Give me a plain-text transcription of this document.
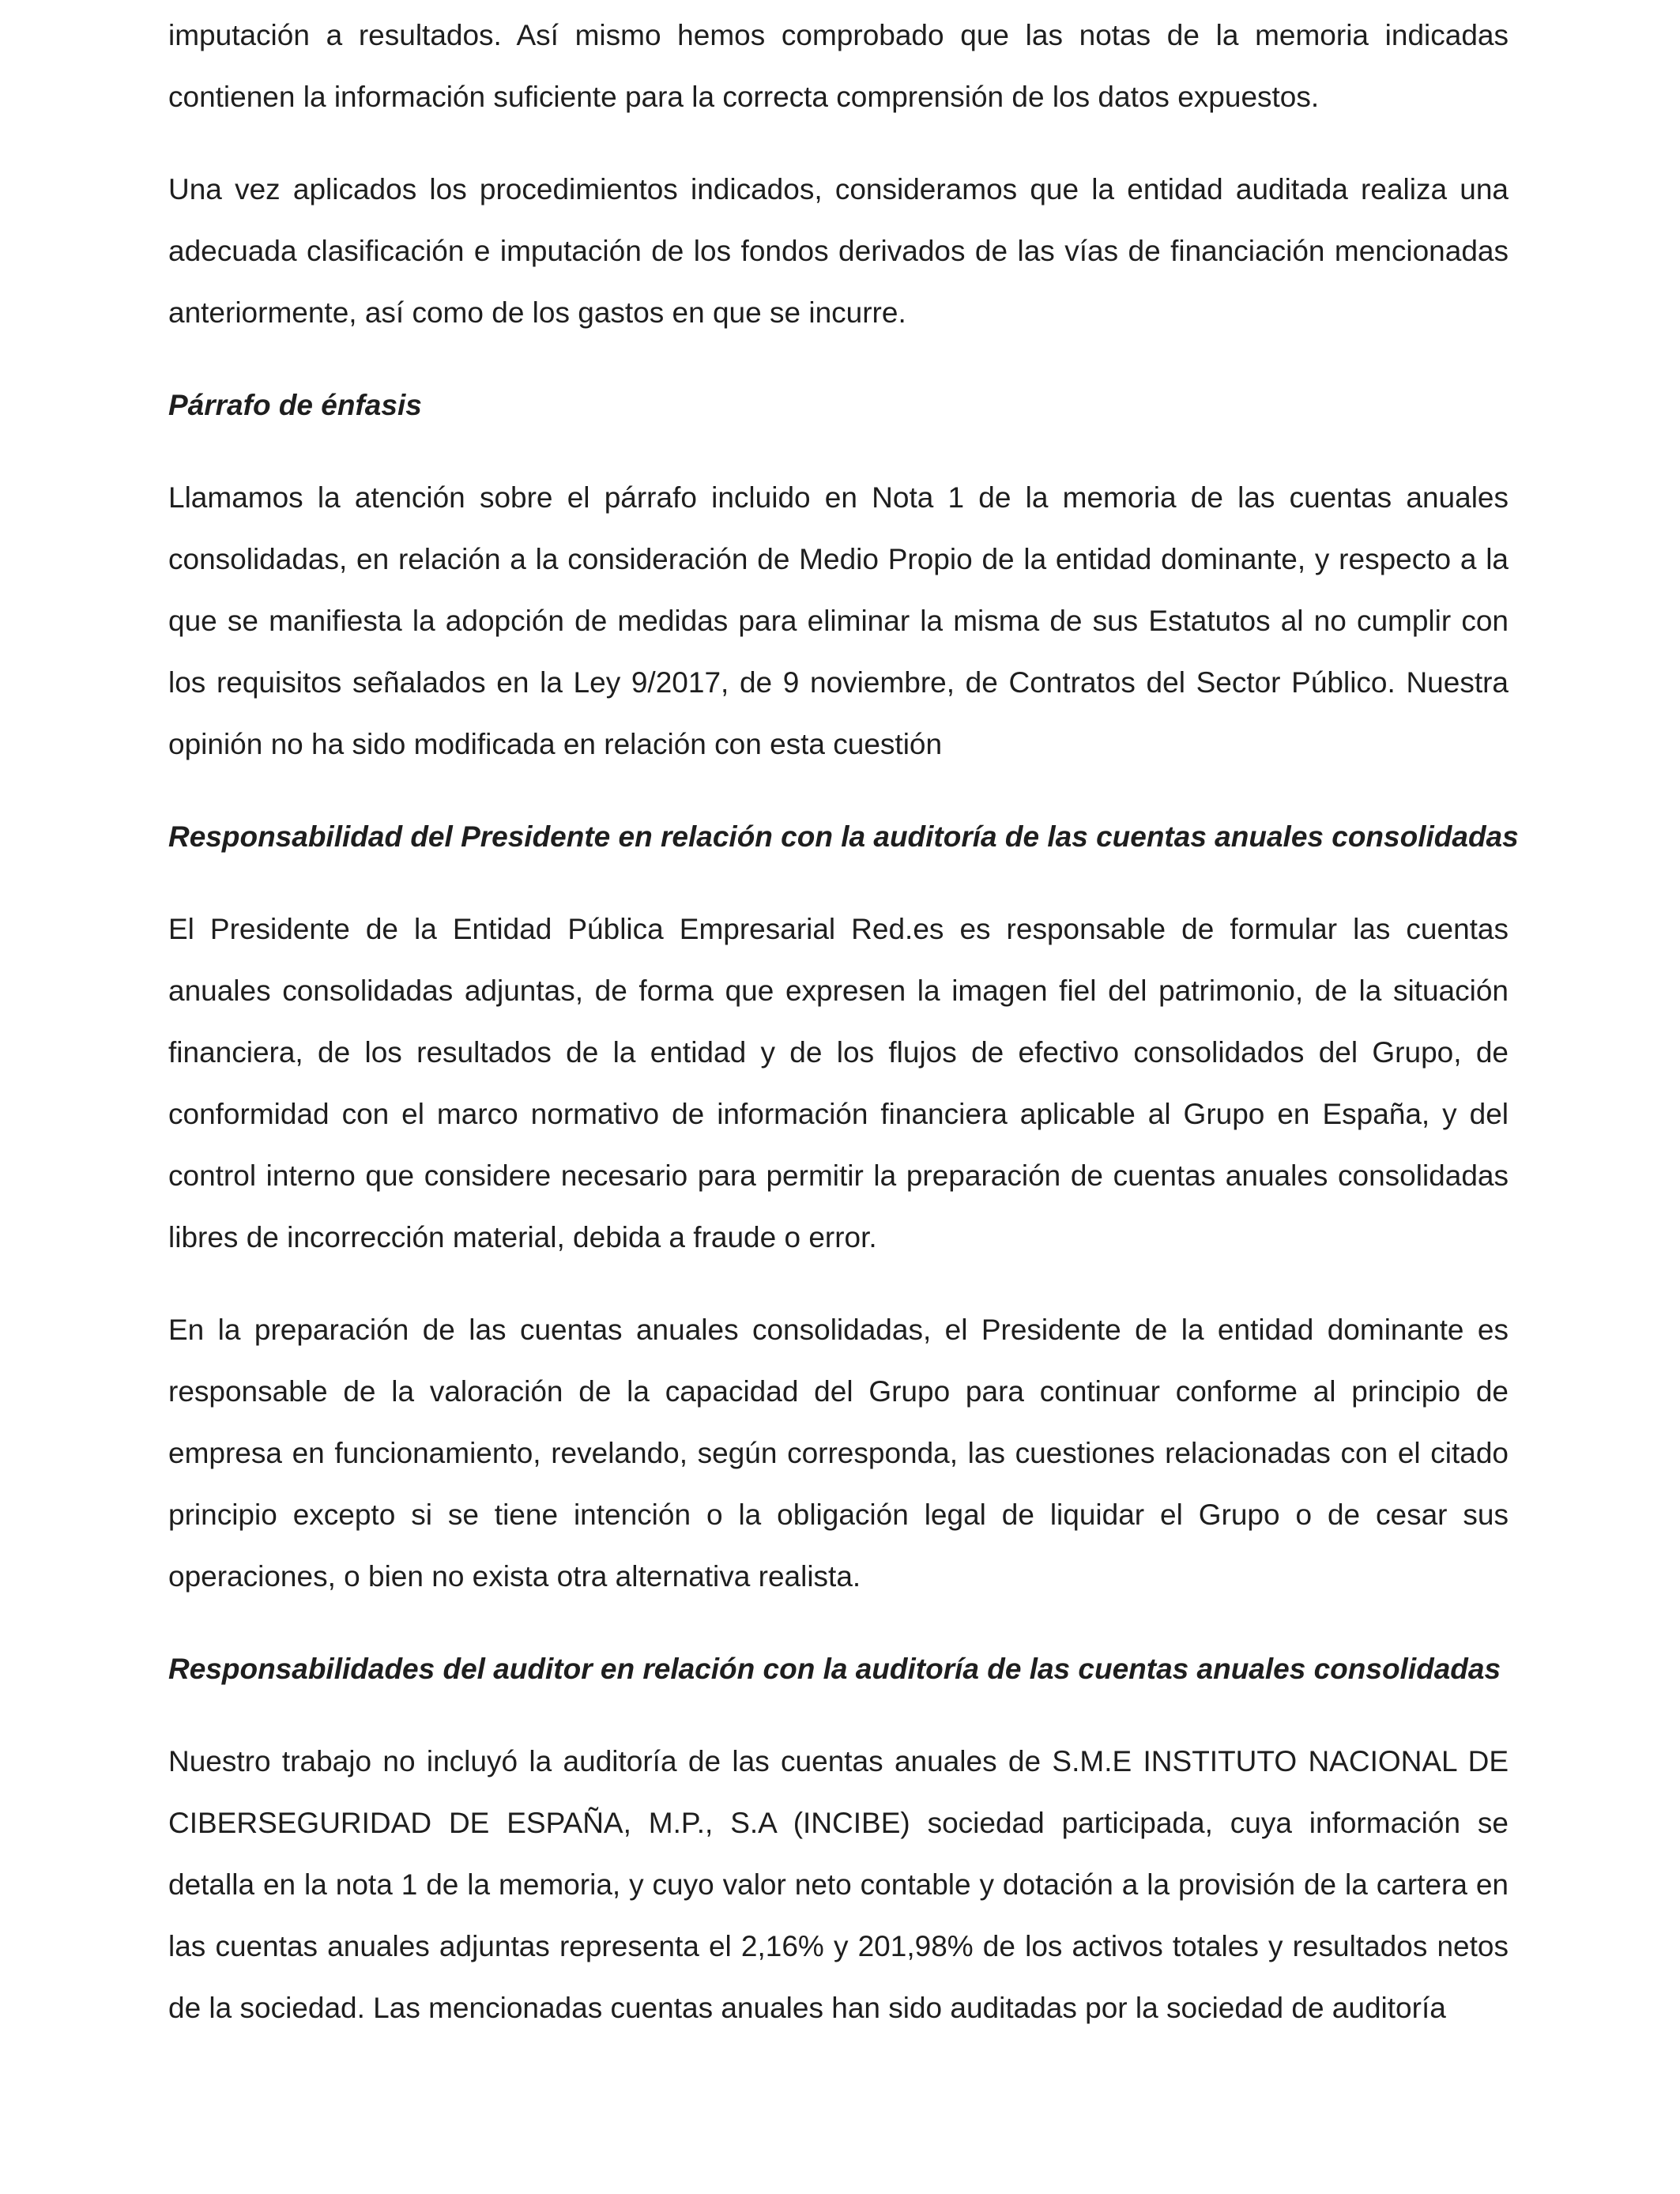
imputación a resultados. Así mismo hemos comprobado que las notas de la memoria indicadas contienen la información suficiente para la correcta comprensión de los datos expuestos.

Una vez aplicados los procedimientos indicados, consideramos que la entidad auditada realiza una adecuada clasificación e imputación de los fondos derivados de las vías de financiación mencionadas anteriormente, así como de los gastos en que se incurre.

Párrafo de énfasis

Llamamos la atención sobre el párrafo incluido en Nota 1 de la memoria de las cuentas anuales consolidadas, en relación a la consideración de Medio Propio de la entidad dominante, y respecto a la que se manifiesta la adopción de medidas para eliminar la misma de sus Estatutos al no cumplir con los requisitos señalados en la Ley 9/2017, de 9 noviembre, de Contratos del Sector Público. Nuestra opinión no ha sido modificada en relación con esta cuestión

Responsabilidad del Presidente en relación con la auditoría de las cuentas anuales consolidadas

El Presidente de la Entidad Pública Empresarial Red.es es responsable de formular las cuentas anuales consolidadas adjuntas, de forma que expresen la imagen fiel del patrimonio, de la situación financiera, de los resultados de la entidad y de los flujos de efectivo consolidados del Grupo, de conformidad con el marco normativo de información financiera aplicable al Grupo en España, y del control interno que considere necesario para permitir la preparación de cuentas anuales consolidadas libres de incorrección material, debida a fraude o error.

En la preparación de las cuentas anuales consolidadas, el Presidente de la entidad dominante es responsable de la valoración de la capacidad del Grupo para continuar conforme al principio de empresa en funcionamiento, revelando, según corresponda, las cuestiones relacionadas con el citado principio excepto si se tiene intención o la obligación legal de liquidar el Grupo o de cesar sus operaciones, o bien no exista otra alternativa realista.

Responsabilidades del auditor en relación con la auditoría de las cuentas anuales consolidadas

Nuestro trabajo no incluyó la auditoría de las cuentas anuales de S.M.E INSTITUTO NACIONAL DE CIBERSEGURIDAD DE ESPAÑA, M.P., S.A (INCIBE) sociedad participada, cuya información se detalla en la nota 1 de la memoria, y cuyo valor neto contable y dotación a la provisión de la cartera en las cuentas anuales adjuntas representa el 2,16% y 201,98% de los activos totales y resultados netos de la sociedad. Las mencionadas cuentas anuales han sido auditadas por la sociedad de auditoría
